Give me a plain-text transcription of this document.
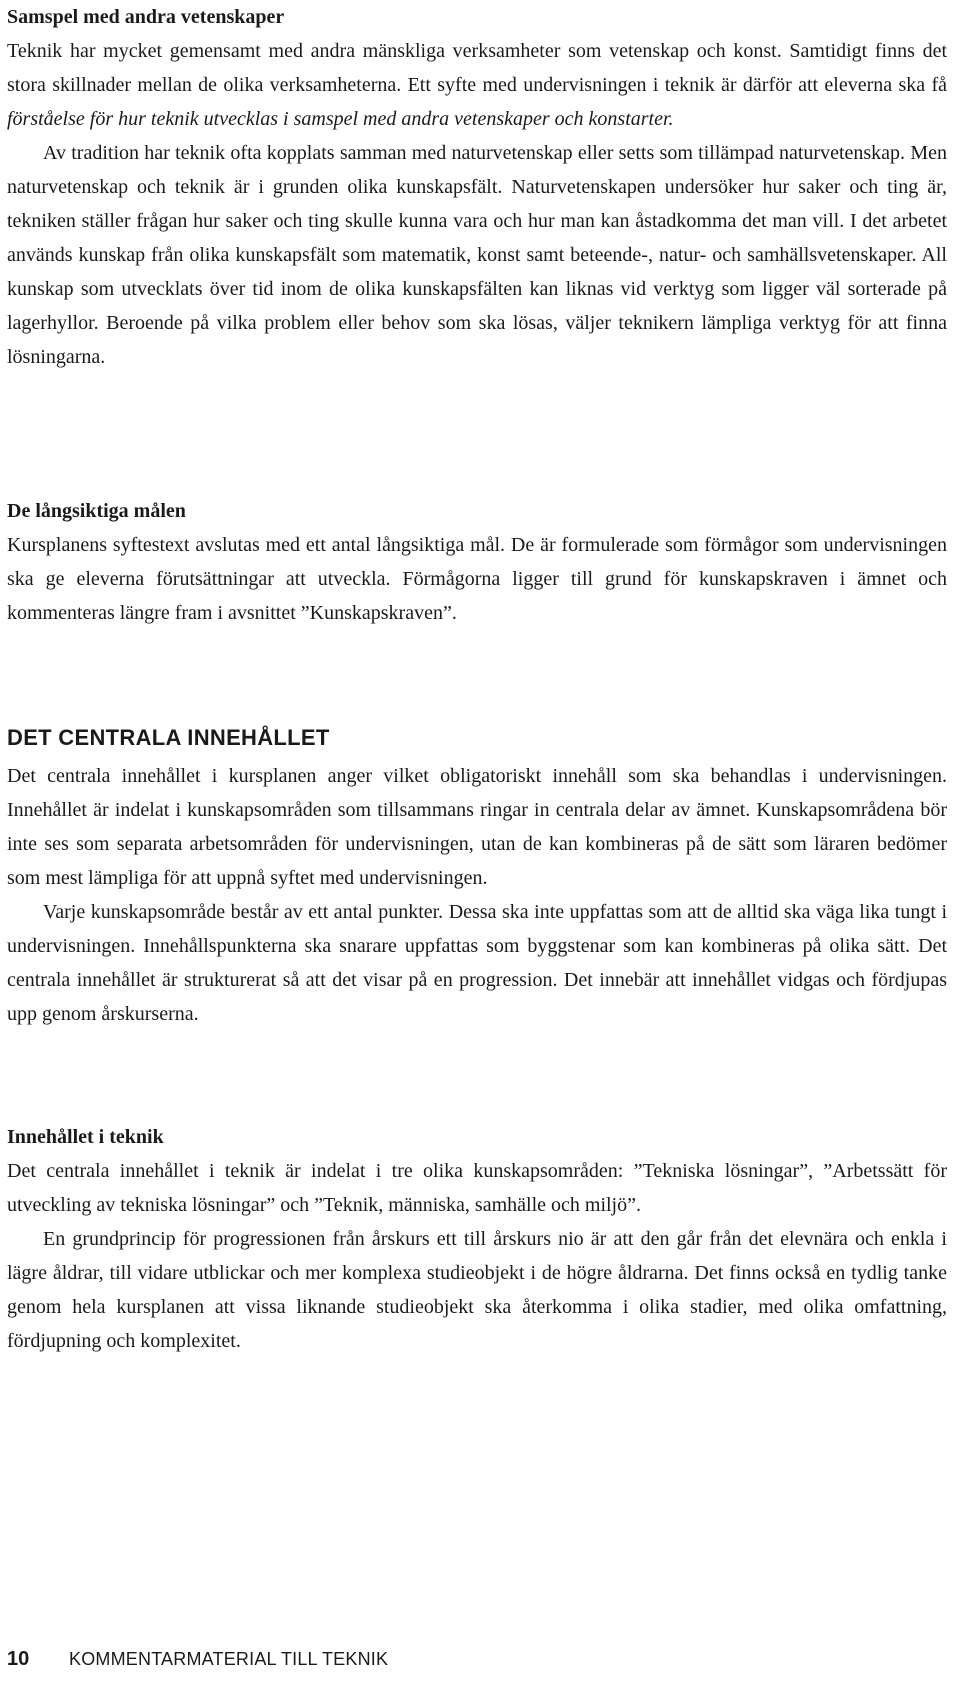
Samspel med andra vetenskaper

Teknik har mycket gemensamt med andra mänskliga verksamheter som vetenskap och konst. Samtidigt finns det stora skillnader mellan de olika verksamheterna. Ett syfte med undervisningen i teknik är därför att eleverna ska få förståelse för hur teknik utvecklas i samspel med andra vetenskaper och konstarter.

Av tradition har teknik ofta kopplats samman med naturvetenskap eller setts som tillämpad naturvetenskap. Men naturvetenskap och teknik är i grunden olika kunskapsfält. Naturvetenskapen undersöker hur saker och ting är, tekniken ställer frågan hur saker och ting skulle kunna vara och hur man kan åstadkomma det man vill. I det arbetet används kunskap från olika kunskapsfält som matematik, konst samt beteende-, natur- och samhällsvetenskaper. All kunskap som utvecklats över tid inom de olika kunskapsfälten kan liknas vid verktyg som ligger väl sorterade på lagerhyllor. Beroende på vilka problem eller behov som ska lösas, väljer teknikern lämpliga verktyg för att finna lösningarna.

De långsiktiga målen

Kursplanens syftestext avslutas med ett antal långsiktiga mål. De är formulerade som förmågor som undervisningen ska ge eleverna förutsättningar att utveckla. Förmågorna ligger till grund för kunskapskraven i ämnet och kommenteras längre fram i avsnittet ”Kunskapskraven”.

DET CENTRALA INNEHÅLLET

Det centrala innehållet i kursplanen anger vilket obligatoriskt innehåll som ska behandlas i undervisningen. Innehållet är indelat i kunskapsområden som tillsammans ringar in centrala delar av ämnet. Kunskapsområdena bör inte ses som separata arbetsområden för undervisningen, utan de kan kombineras på de sätt som läraren bedömer som mest lämpliga för att uppnå syftet med undervisningen.

Varje kunskapsområde består av ett antal punkter. Dessa ska inte uppfattas som att de alltid ska väga lika tungt i undervisningen. Innehållspunkterna ska snarare uppfattas som byggstenar som kan kombineras på olika sätt. Det centrala innehållet är strukturerat så att det visar på en progression. Det innebär att innehållet vidgas och fördjupas upp genom årskurserna.

Innehållet i teknik

Det centrala innehållet i teknik är indelat i tre olika kunskapsområden: ”Tekniska lösningar”, ”Arbetssätt för utveckling av tekniska lösningar” och ”Teknik, människa, samhälle och miljö”.

En grundprincip för progressionen från årskurs ett till årskurs nio är att den går från det elevnära och enkla i lägre åldrar, till vidare utblickar och mer komplexa studieobjekt i de högre åldrarna. Det finns också en tydlig tanke genom hela kursplanen att vissa liknande studieobjekt ska återkomma i olika stadier, med olika omfattning, fördjupning och komplexitet.

10 KOMMENTARMATERIAL TILL TEKNIK
